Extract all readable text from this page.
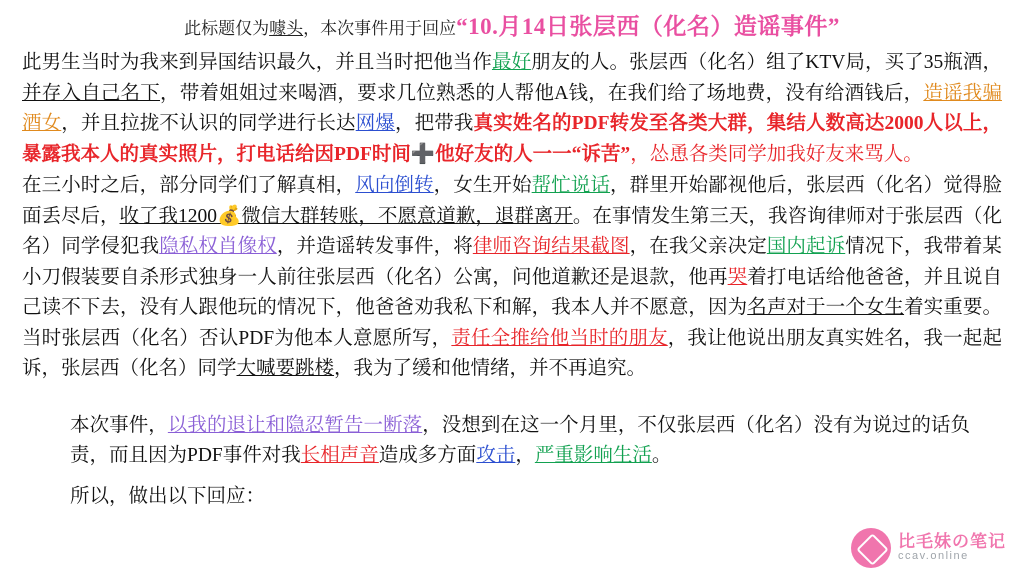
此标题仅为噱头，本次事件用于回应“10.月14日张层西（化名）造谣事件”

此男生当时为我来到异国结识最久，并且当时把他当作最好朋友的人。张层西（化名）组了KTV局，买了35瓶酒，并存入自己名下，带着姐姐过来喝酒，要求几位熟悉的人帮他A钱，在我们给了场地费，没有给酒钱后，造谣我骗酒女，并且拉拢不认识的同学进行长达网爆，把带我真实姓名的PDF转发至各类大群，集结人数高达2000人以上，暴露我本人的真实照片，打电话给因PDF时间➕他好友的人一一“诉苦”，怂恿各类同学加我好友来骂人。

在三小时之后，部分同学们了解真相，风向倒转，女生开始帮忙说话，群里开始鄙视他后，张层西（化名）觉得脸面丢尽后，收了我1200💰微信大群转账，不愿意道歉，退群离开。在事情发生第三天，我咨询律师对于张层西（化名）同学侵犯我隐私权肖像权，并造谣转发事件，将律师咨询结果截图，在我父亲决定国内起诉情况下，我带着某小刀假装要自杀形式独身一人前往张层西（化名）公寓，问他道歉还是退款，他再哭着打电话给他爸爸，并且说自己读不下去，没有人跟他玩的情况下，他爸爸劝我私下和解，我本人并不愿意，因为名声对于一个女生着实重要。当时张层西（化名）否认PDF为他本人意愿所写，责任全推给他当时的朋友，我让他说出朋友真实姓名，我一起起诉，张层西（化名）同学大喊要跳楼，我为了缓和他情绪，并不再追究。

本次事件，以我的退让和隐忍暂告一断落，没想到在这一个月里，不仅张层西（化名）没有为说过的话负责，而且因为PDF事件对我长相声音造成多方面攻击，严重影响生活。

所以，做出以下回应：

比毛妹の笔记
ccav.online
